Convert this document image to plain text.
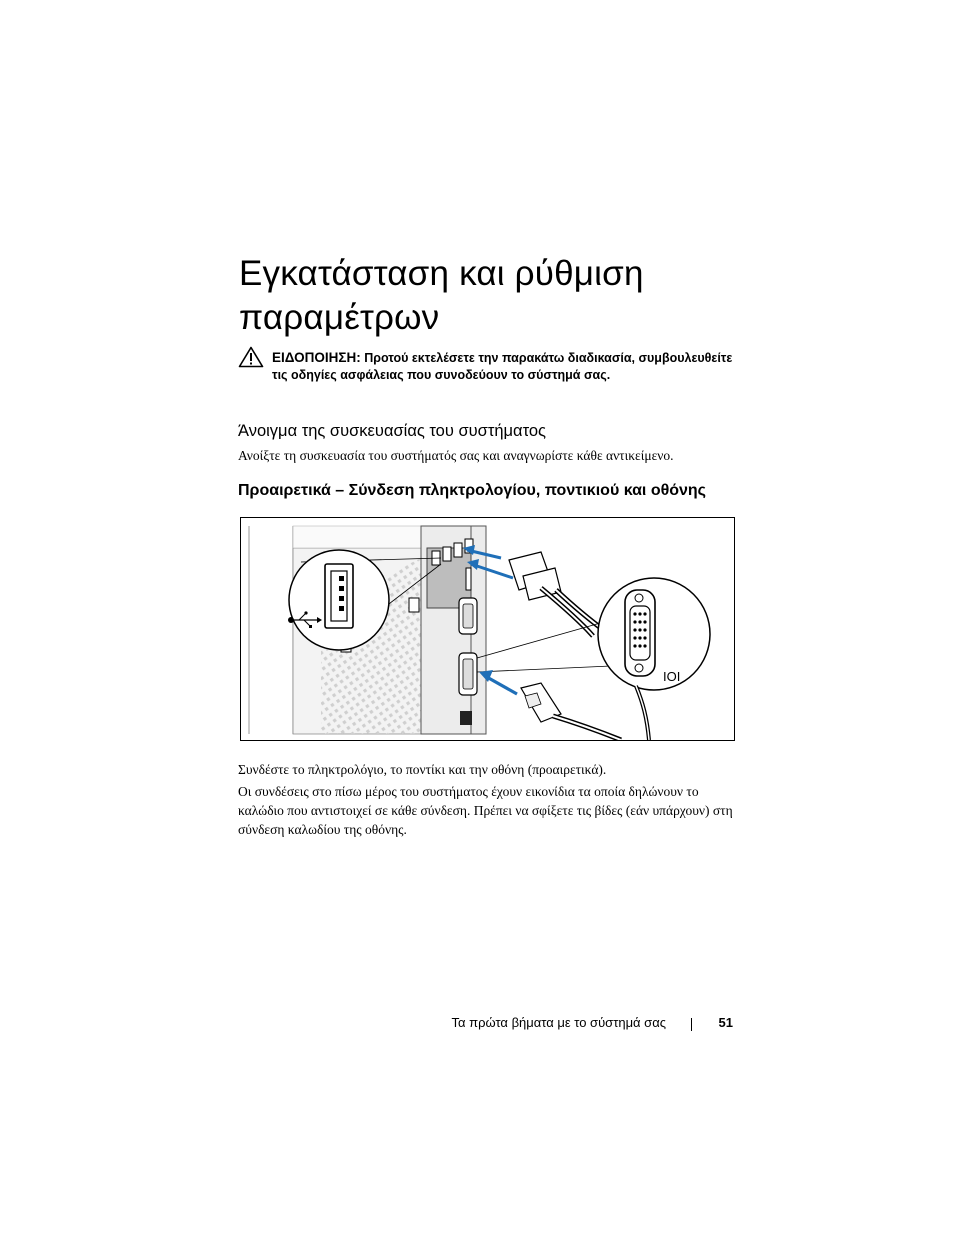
Εγκατάσταση και ρύθμιση
παραμέτρων
ΕΙΔΟΠΟΙΗΣΗ: Προτού εκτελέσετε την παρακάτω διαδικασία, συμβουλευθείτε τις οδηγίες ασφάλειας που συνοδεύουν το σύστημά σας.
Άνοιγμα της συσκευασίας του συστήματος

Ανοίξτε τη συσκευασία του συστήματός σας και αναγνωρίστε κάθε αντικείμενο.

Προαιρετικά – Σύνδεση πληκτρολογίου, ποντικιού και οθόνης
IOI

Συνδέστε το πληκτρολόγιο, το ποντίκι και την οθόνη (προαιρετικά).

Οι συνδέσεις στο πίσω μέρος του συστήματος έχουν εικονίδια τα οποία δηλώνουν το καλώδιο που αντιστοιχεί σε κάθε σύνδεση. Πρέπει να σφίξετε τις βίδες (εάν υπάρχουν) στη σύνδεση καλωδίου της οθόνης.

Τα πρώτα βήματα με το σύστημά σας	51
